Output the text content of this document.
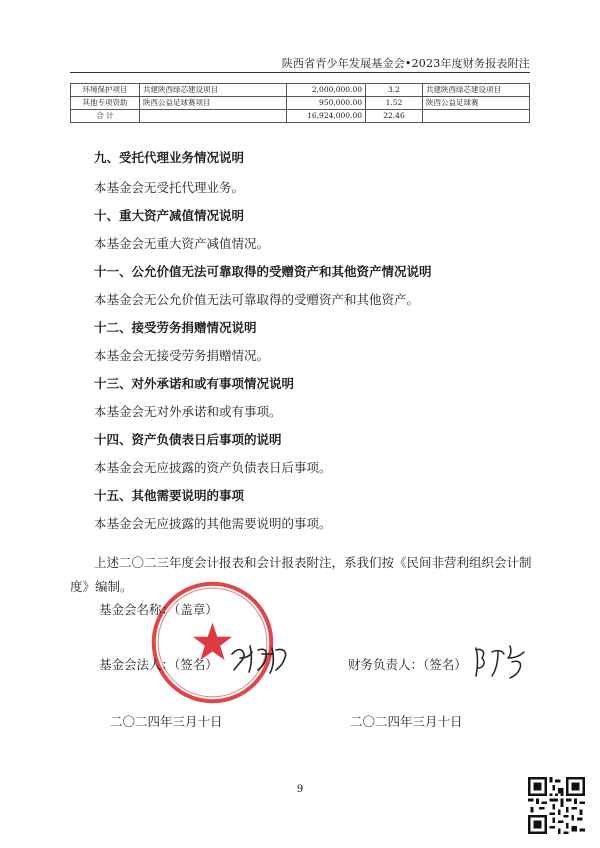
陕西省青少年发展基金会•2023年度财务报表附注
环境保护项目	共建陕西绿芯建设项目	2,000,000.00	3.2	共建陕西绿芯建设项目
其他专项资助	陕西公益足球赛项目	950,000.00	1.52	陕西公益足球赛
合 计		16,924,000.00	22.46	
九、受托代理业务情况说明
本基金会无受托代理业务。
十、重大资产减值情况说明
本基金会无重大资产减值情况。
十一、公允价值无法可靠取得的受赠资产和其他资产情况说明
本基金会无公允价值无法可靠取得的受赠资产和其他资产。
十二、接受劳务捐赠情况说明
本基金会无接受劳务捐赠情况。
十三、对外承诺和或有事项情况说明
本基金会无对外承诺和或有事项。
十四、资产负债表日后事项的说明
本基金会无应披露的资产负债表日后事项。
十五、其他需要说明的事项
本基金会无应披露的其他需要说明的事项。
上述二〇二三年度会计报表和会计报表附注，系我们按《民间非营利组织会计制
度》编制。
基金会名称：（盖章）
基金会法人：（签名）	财务负责人：（签名）
二〇二四年三月十日	二〇二四年三月十日
9
